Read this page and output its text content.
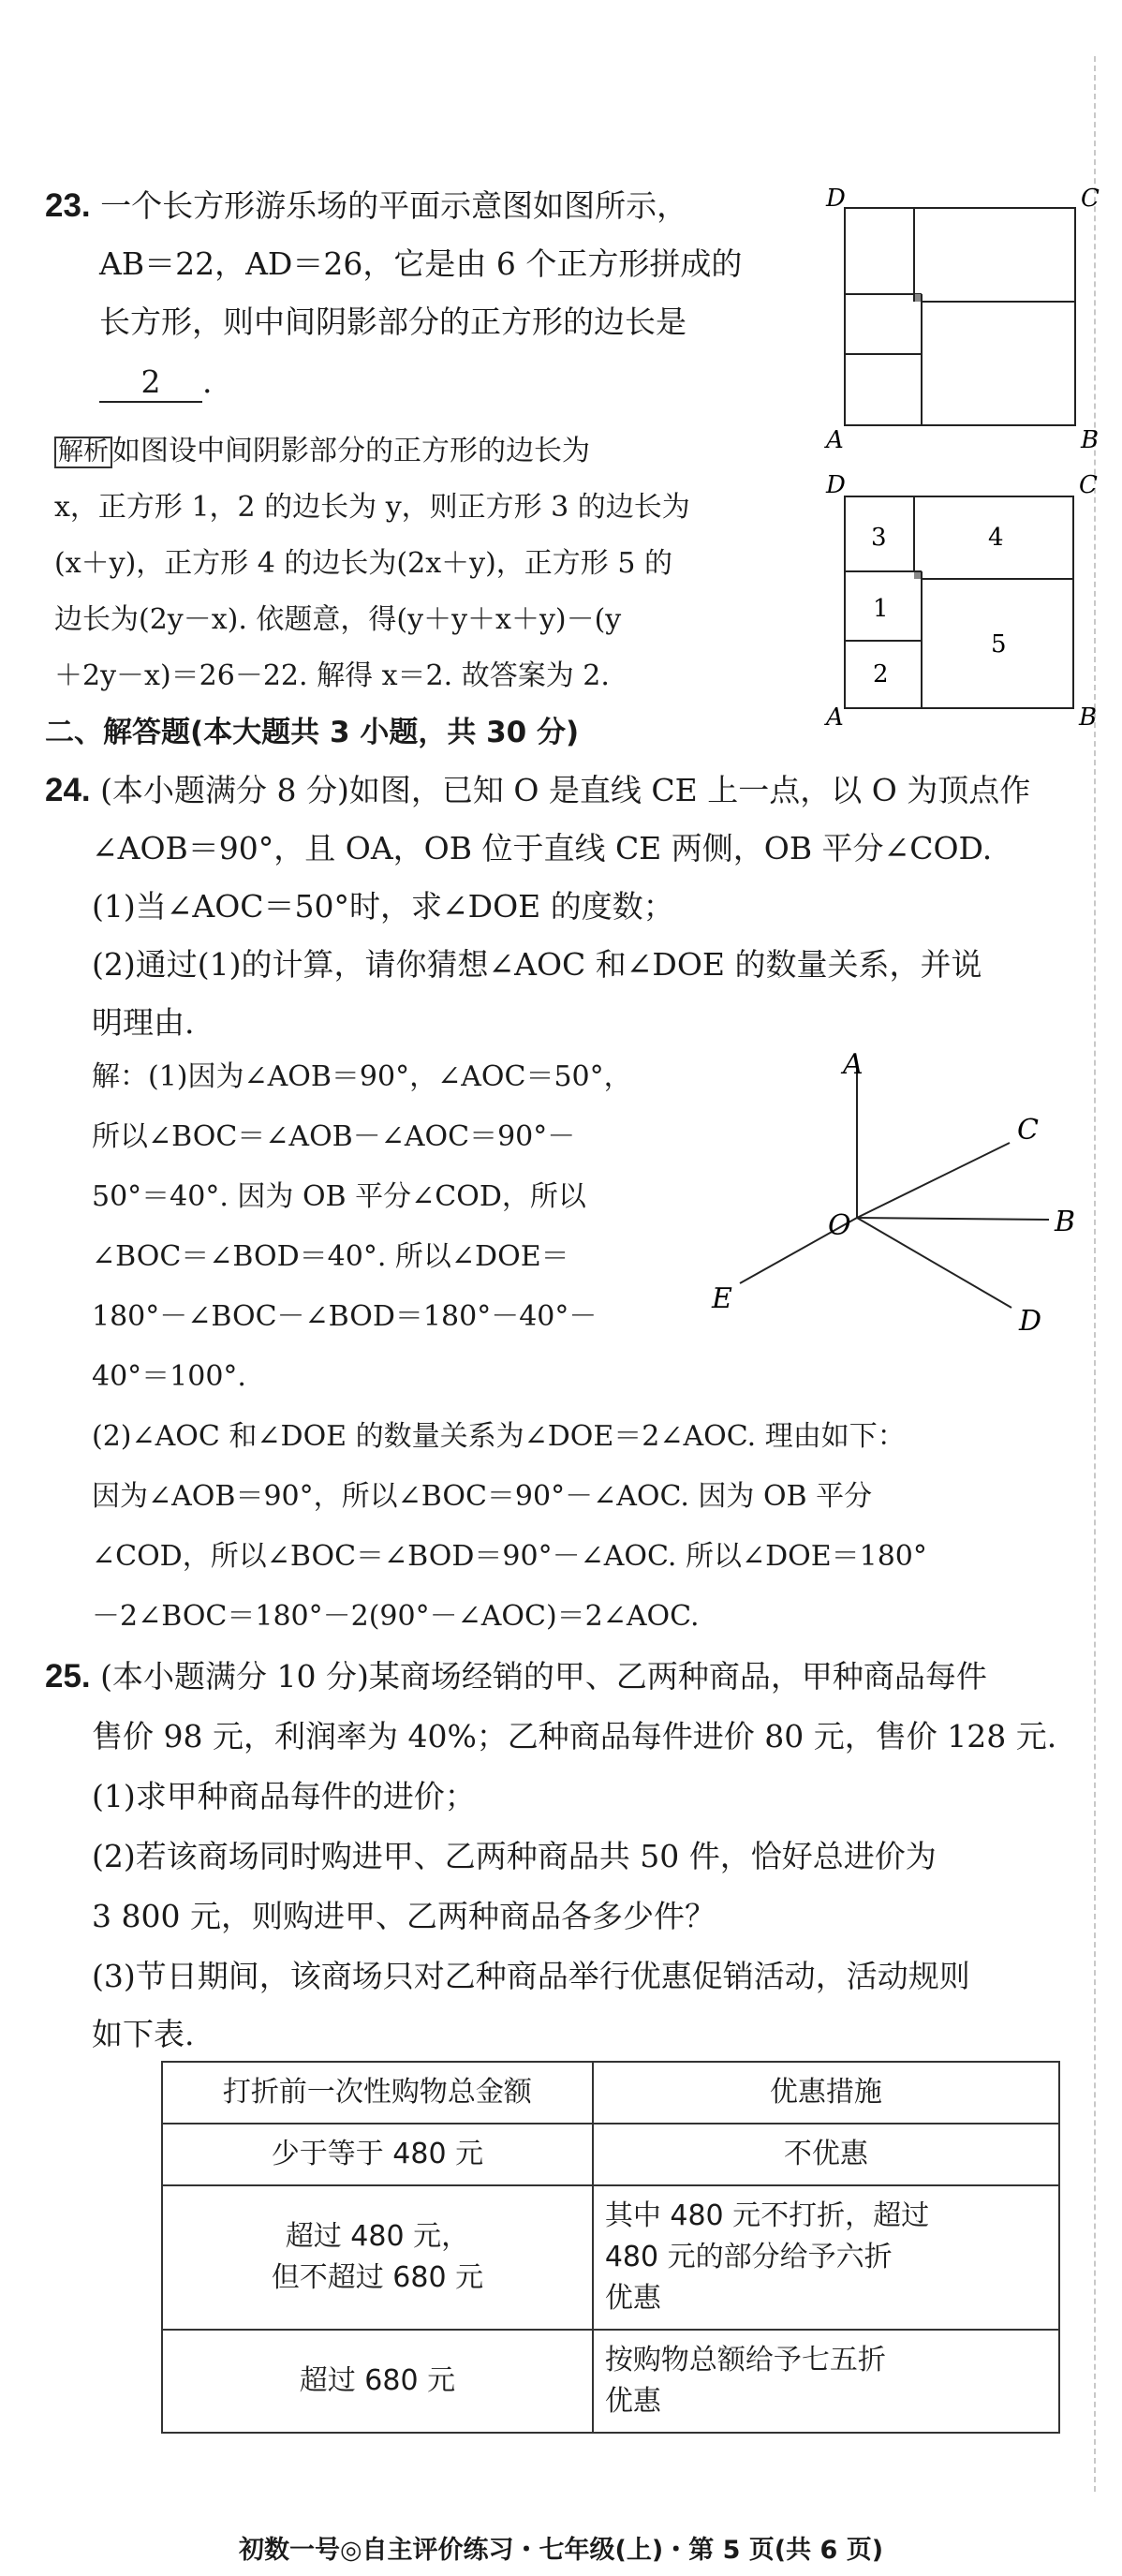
23. 一个长方形游乐场的平面示意图如图所示，
AB＝22，AD＝26，它是由 6 个正方形拼成的
长方形，则中间阴影部分的正方形的边长是
2 .
D	C
A	B
解析 如图设中间阴影部分的正方形的边长为
x，正方形 1，2 的边长为 y，则正方形 3 的边长为
(x＋y)，正方形 4 的边长为(2x＋y)，正方形 5 的
边长为(2y－x). 依题意，得(y＋y＋x＋y)－(y
＋2y－x)＝26－22. 解得 x＝2. 故答案为 2.
3	4
1
5
2
D	C
A	B
二、解答题(本大题共 3 小题，共 30 分)
24. (本小题满分 8 分)如图，已知 O 是直线 CE 上一点，以 O 为顶点作
∠AOB＝90°，且 OA，OB 位于直线 CE 两侧，OB 平分∠COD.
(1)当∠AOC＝50°时，求∠DOE 的度数；
(2)通过(1)的计算，请你猜想∠AOC 和∠DOE 的数量关系，并说
明理由.
解：(1)因为∠AOB＝90°，∠AOC＝50°，
所以∠BOC＝∠AOB－∠AOC＝90°－
50°＝40°. 因为 OB 平分∠COD，所以
∠BOC＝∠BOD＝40°. 所以∠DOE＝
180°－∠BOC－∠BOD＝180°－40°－
40°＝100°.
A
C
O	B
E
D
(2)∠AOC 和∠DOE 的数量关系为∠DOE＝2∠AOC. 理由如下：
因为∠AOB＝90°，所以∠BOC＝90°－∠AOC. 因为 OB 平分
∠COD，所以∠BOC＝∠BOD＝90°－∠AOC. 所以∠DOE＝180°
－2∠BOC＝180°－2(90°－∠AOC)＝2∠AOC.
25. (本小题满分 10 分)某商场经销的甲、乙两种商品，甲种商品每件
售价 98 元，利润率为 40%；乙种商品每件进价 80 元，售价 128 元.
(1)求甲种商品每件的进价；
(2)若该商场同时购进甲、乙两种商品共 50 件，恰好总进价为
3 800 元，则购进甲、乙两种商品各多少件？
(3)节日期间，该商场只对乙种商品举行优惠促销活动，活动规则
如下表.
打折前一次性购物总金额	优惠措施
少于等于 480 元	不优惠
超过 480 元，
但不超过 680 元	其中 480 元不打折，超过
480 元的部分给予六折
优惠
超过 680 元	按购物总额给予七五折
优惠
初数一号◎自主评价练习・七年级(上)・第 5 页(共 6 页)
